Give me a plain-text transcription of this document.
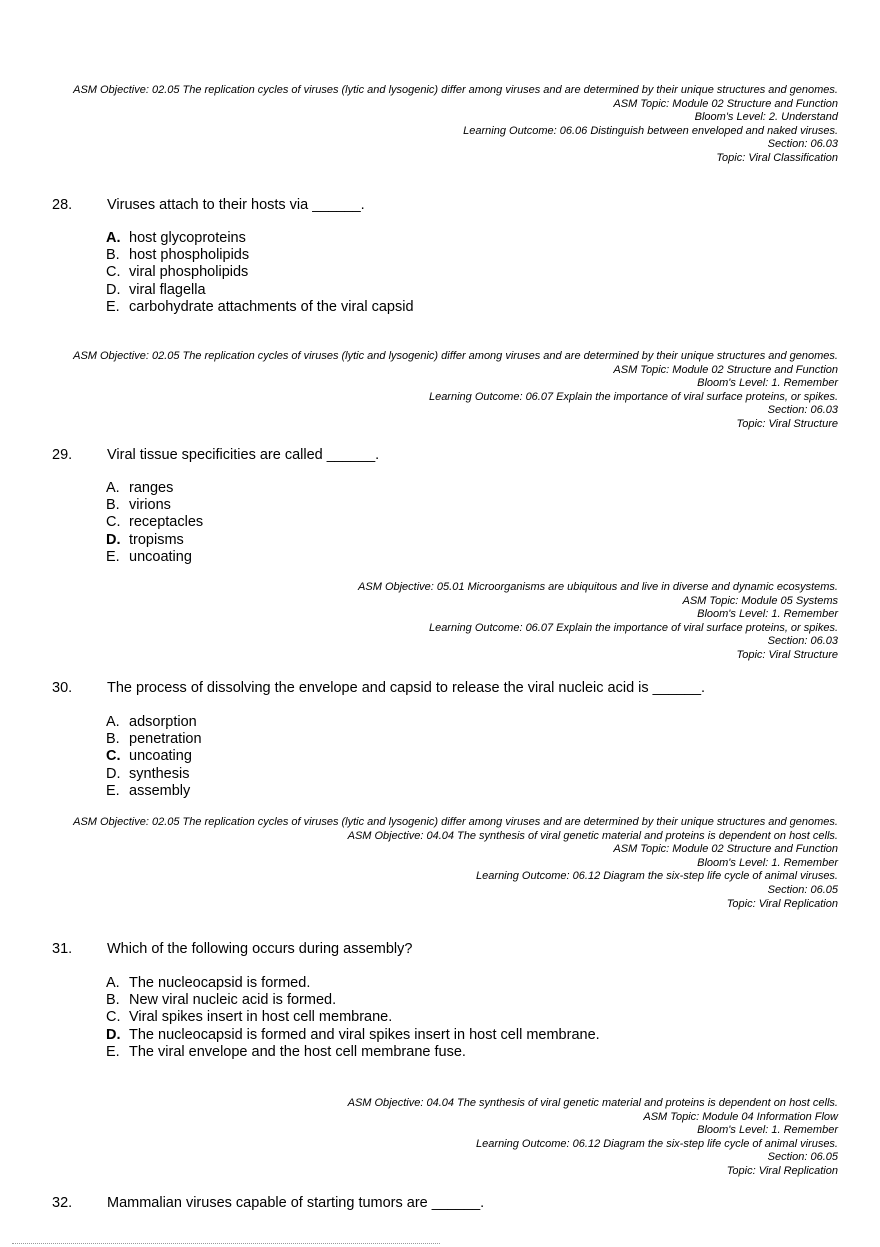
ASM Objective: 02.05 The replication cycles of viruses (lytic and lysogenic) differ among viruses and are determined by their unique structures and genomes.
ASM Topic: Module 02 Structure and Function
Bloom's Level: 2. Understand
Learning Outcome: 06.06 Distinguish between enveloped and naked viruses.
Section: 06.03
Topic: Viral Classification
28. Viruses attach to their hosts via ______.
A. host glycoproteins
B. host phospholipids
C. viral phospholipids
D. viral flagella
E. carbohydrate attachments of the viral capsid
ASM Objective: 02.05 The replication cycles of viruses (lytic and lysogenic) differ among viruses and are determined by their unique structures and genomes.
ASM Topic: Module 02 Structure and Function
Bloom's Level: 1. Remember
Learning Outcome: 06.07 Explain the importance of viral surface proteins, or spikes.
Section: 06.03
Topic: Viral Structure
29. Viral tissue specificities are called ______.
A. ranges
B. virions
C. receptacles
D. tropisms
E. uncoating
ASM Objective: 05.01 Microorganisms are ubiquitous and live in diverse and dynamic ecosystems.
ASM Topic: Module 05 Systems
Bloom's Level: 1. Remember
Learning Outcome: 06.07 Explain the importance of viral surface proteins, or spikes.
Section: 06.03
Topic: Viral Structure
30. The process of dissolving the envelope and capsid to release the viral nucleic acid is ______.
A. adsorption
B. penetration
C. uncoating
D. synthesis
E. assembly
ASM Objective: 02.05 The replication cycles of viruses (lytic and lysogenic) differ among viruses and are determined by their unique structures and genomes.
ASM Objective: 04.04 The synthesis of viral genetic material and proteins is dependent on host cells.
ASM Topic: Module 02 Structure and Function
Bloom's Level: 1. Remember
Learning Outcome: 06.12 Diagram the six-step life cycle of animal viruses.
Section: 06.05
Topic: Viral Replication
31. Which of the following occurs during assembly?
A. The nucleocapsid is formed.
B. New viral nucleic acid is formed.
C. Viral spikes insert in host cell membrane.
D. The nucleocapsid is formed and viral spikes insert in host cell membrane.
E. The viral envelope and the host cell membrane fuse.
ASM Objective: 04.04 The synthesis of viral genetic material and proteins is dependent on host cells.
ASM Topic: Module 04 Information Flow
Bloom's Level: 1. Remember
Learning Outcome: 06.12 Diagram the six-step life cycle of animal viruses.
Section: 06.05
Topic: Viral Replication
32. Mammalian viruses capable of starting tumors are ______.
